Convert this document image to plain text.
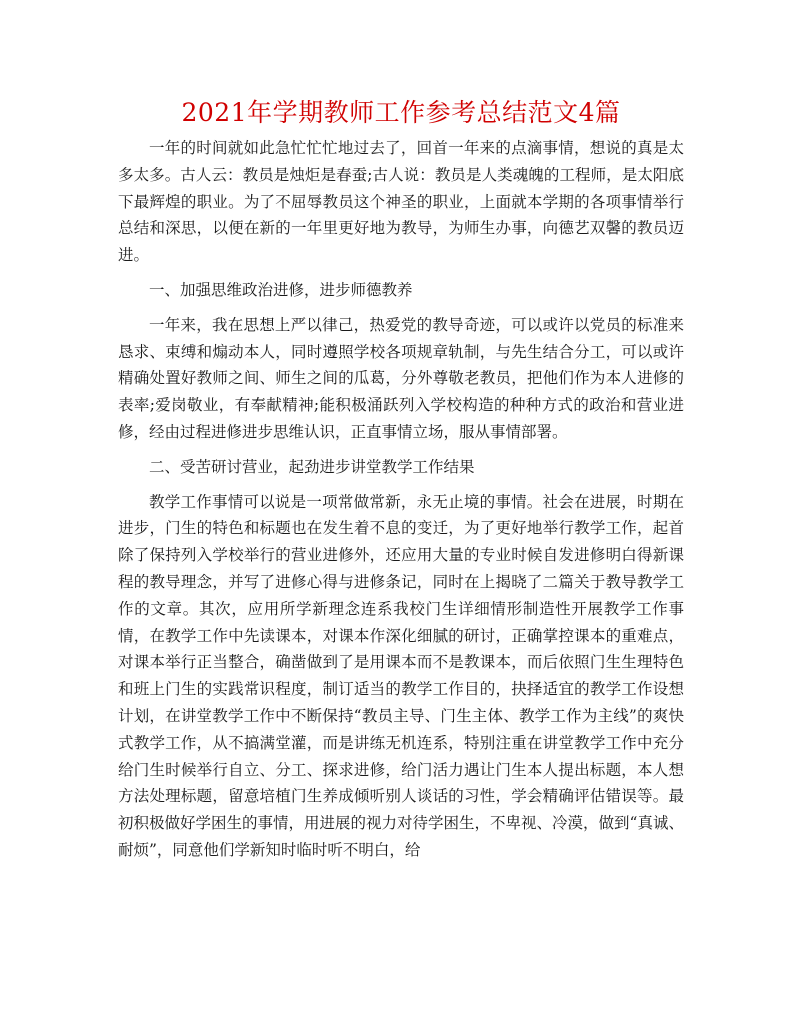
2021年学期教师工作参考总结范文4篇

一年的时间就如此急忙忙忙地过去了，回首一年来的点滴事情，想说的真是太多太多。古人云：教员是烛炬是春蚕;古人说：教员是人类魂魄的工程师，是太阳底下最辉煌的职业。为了不屈辱教员这个神圣的职业，上面就本学期的各项事情举行总结和深思，以便在新的一年里更好地为教导，为师生办事，向德艺双馨的教员迈进。

一、加强思维政治进修，进步师德教养

一年来，我在思想上严以律己，热爱党的教导奇迹，可以或许以党员的标准来恳求、束缚和煽动本人，同时遵照学校各项规章轨制，与先生结合分工，可以或许精确处置好教师之间、师生之间的瓜葛，分外尊敬老教员，把他们作为本人进修的表率;爱岗敬业，有奉献精神;能积极涌跃列入学校构造的种种方式的政治和营业进修，经由过程进修进步思维认识，正直事情立场，服从事情部署。

二、受苦研讨营业，起劲进步讲堂教学工作结果

教学工作事情可以说是一项常做常新，永无止境的事情。社会在进展，时期在进步，门生的特色和标题也在发生着不息的变迁，为了更好地举行教学工作，起首除了保持列入学校举行的营业进修外，还应用大量的专业时候自发进修明白得新课程的教导理念，并写了进修心得与进修条记，同时在上揭晓了二篇关于教导教学工作的文章。其次，应用所学新理念连系我校门生详细情形制造性开展教学工作事情，在教学工作中先读课本，对课本作深化细腻的研讨，正确掌控课本的重难点，对课本举行正当整合，确凿做到了是用课本而不是教课本，而后依照门生生理特色和班上门生的实践常识程度，制订适当的教学工作目的，抉择适宜的教学工作设想计划，在讲堂教学工作中不断保持“教员主导、门生主体、教学工作为主线”的爽快式教学工作，从不搞满堂灌，而是讲练无机连系，特别注重在讲堂教学工作中充分给门生时候举行自立、分工、探求进修，给门活力遇让门生本人提出标题，本人想方法处理标题，留意培植门生养成倾听别人谈话的习性，学会精确评估错误等。最初积极做好学困生的事情，用进展的视力对待学困生，不卑视、冷漠，做到“真诚、耐烦”，同意他们学新知时临时听不明白，给
